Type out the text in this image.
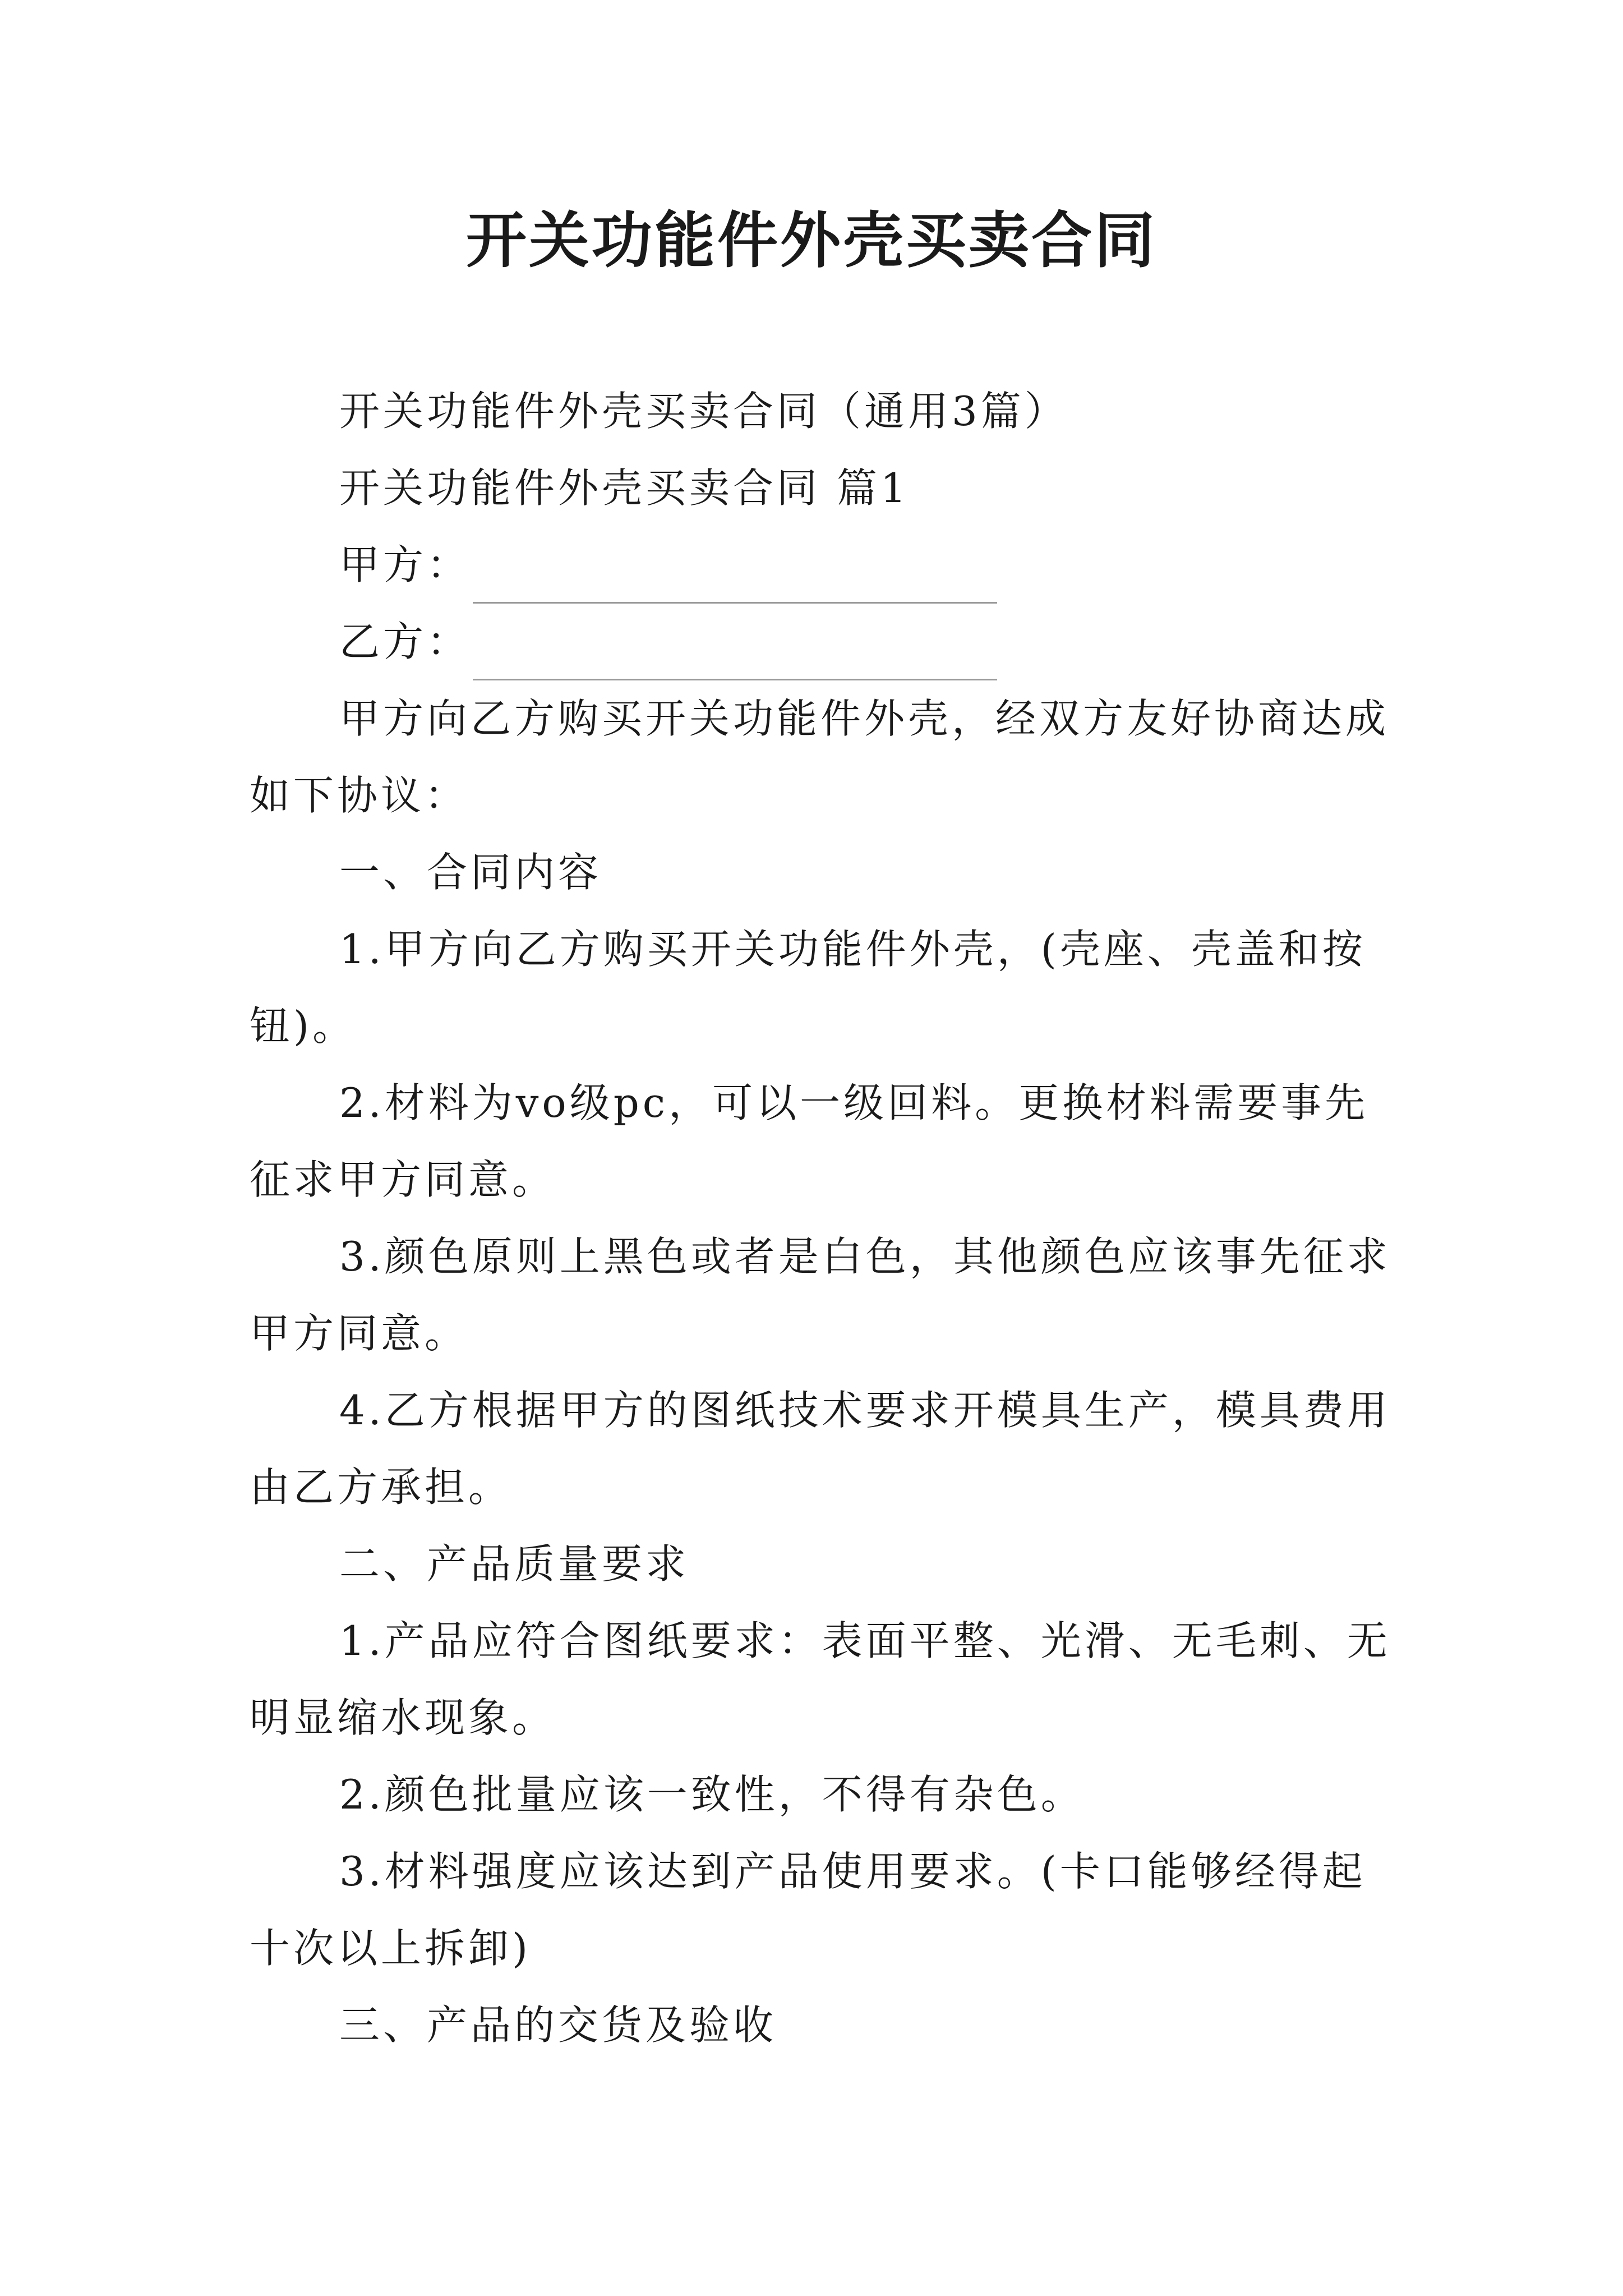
开关功能件外壳买卖合同
开关功能件外壳买卖合同（通用3篇）
开关功能件外壳买卖合同 篇1
甲方：
乙方：
甲方向乙方购买开关功能件外壳，经双方友好协商达成
如下协议：
一、合同内容
1.甲方向乙方购买开关功能件外壳，(壳座、壳盖和按
钮)。
2.材料为vo级pc，可以一级回料。更换材料需要事先
征求甲方同意。
3.颜色原则上黑色或者是白色，其他颜色应该事先征求
甲方同意。
4.乙方根据甲方的图纸技术要求开模具生产，模具费用
由乙方承担。
二、产品质量要求
1.产品应符合图纸要求：表面平整、光滑、无毛刺、无
明显缩水现象。
2.颜色批量应该一致性，不得有杂色。
3.材料强度应该达到产品使用要求。(卡口能够经得起
十次以上拆卸)
三、产品的交货及验收
